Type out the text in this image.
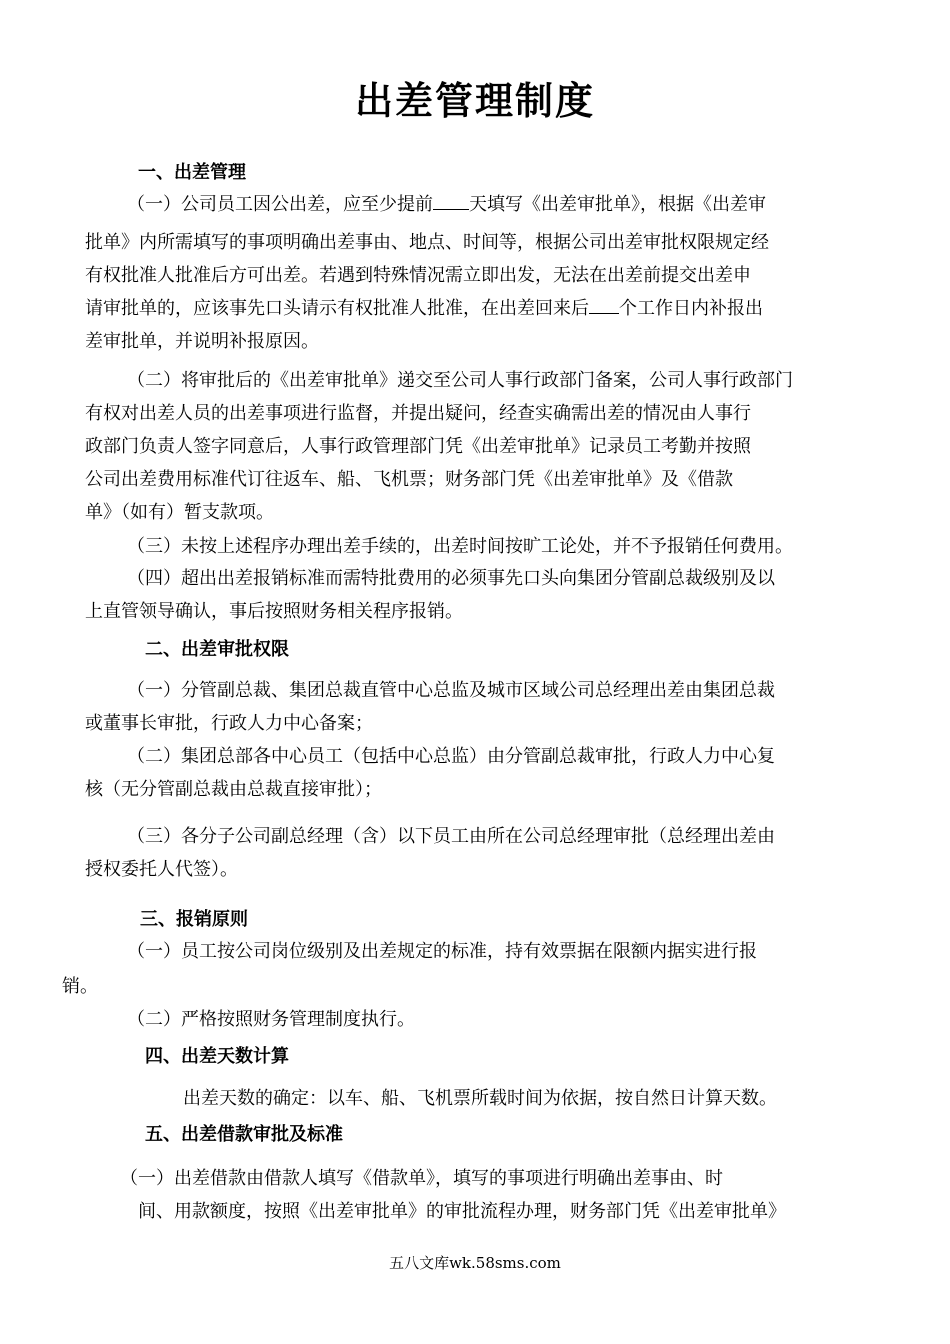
出差管理制度
一、出差管理
（一）公司员工因公出差，应至少提前 天填写《出差审批单》，根据《出差审
批单》内所需填写的事项明确出差事由、地点、时间等，根据公司出差审批权限规定经
有权批准人批准后方可出差。若遇到特殊情况需立即出发，无法在出差前提交出差申
请审批单的，应该事先口头请示有权批准人批准，在出差回来后 个工作日内补报出
差审批单，并说明补报原因。
（二）将审批后的《出差审批单》递交至公司人事行政部门备案，公司人事行政部门
有权对出差人员的出差事项进行监督，并提出疑问，经查实确需出差的情况由人事行
政部门负责人签字同意后，人事行政管理部门凭《出差审批单》记录员工考勤并按照
公司出差费用标准代订往返车、船、飞机票；财务部门凭《出差审批单》及《借款
单》（如有）暂支款项。
（三）未按上述程序办理出差手续的，出差时间按旷工论处，并不予报销任何费用。
（四）超出出差报销标准而需特批费用的必须事先口头向集团分管副总裁级别及以
上直管领导确认，事后按照财务相关程序报销。
二、出差审批权限
（一）分管副总裁、集团总裁直管中心总监及城市区域公司总经理出差由集团总裁
或董事长审批，行政人力中心备案；
（二）集团总部各中心员工（包括中心总监）由分管副总裁审批，行政人力中心复
核（无分管副总裁由总裁直接审批）；
（三）各分子公司副总经理（含）以下员工由所在公司总经理审批（总经理出差由
授权委托人代签）。
三、报销原则
（一）员工按公司岗位级别及出差规定的标准，持有效票据在限额内据实进行报
销。
（二）严格按照财务管理制度执行。
四、出差天数计算
出差天数的确定：以车、船、飞机票所载时间为依据，按自然日计算天数。
五、出差借款审批及标准
（一）出差借款由借款人填写《借款单》，填写的事项进行明确出差事由、时
间、用款额度，按照《出差审批单》的审批流程办理，财务部门凭《出差审批单》
五八文库wk.58sms.com
